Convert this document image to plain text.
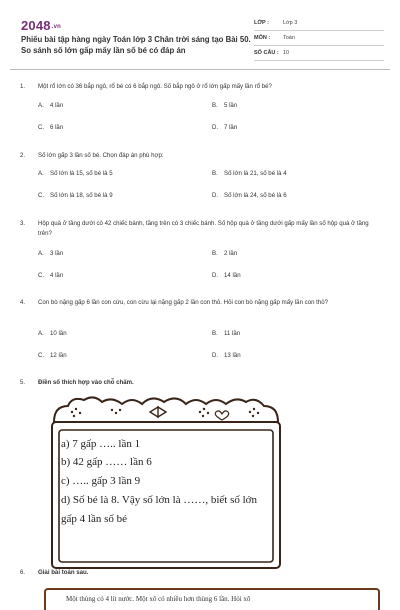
2048.vn
Phiếu bài tập hàng ngày Toán lớp 3 Chân trời sáng tạo Bài 50. So sánh số lớn gấp mấy lần số bé có đáp án
LỚP :	Lớp 3
MÔN : Toán
SỐ CÂU : 10
1. Một rổ lớn có 36 bắp ngô, rổ bé có 6 bắp ngô. Số bắp ngô ở rổ lớn gấp mấy lần rổ bé?
A. 4 lần	B. 5 lần
C. 6 lần	D. 7 lần
2. Số lớn gấp 3 lần số bé. Chọn đáp án phù hợp:
A. Số lớn là 15, số bé là 5	B. Số lớn là 21, số bé là 4
C. Số lớn là 18, số bé là 9	D. Số lớn là 24, số bé là 6
3. Hộp quà ở tầng dưới có 42 chiếc bánh, tầng trên có 3 chiếc bánh. Số hộp quà ở tầng dưới gấp mấy lần số hộp quà ở tầng trên?
A. 3 lần	B. 2 lần
C. 4 lần	D. 14 lần
4. Con bò nặng gấp 6 lần con cừu, con cừu lại nặng gấp 2 lần con thỏ. Hỏi con bò nặng gấp mấy lần con thỏ?
A. 10 lần	B. 11 lần
C. 12 lần	D. 13 lần
5. Điền số thích hợp vào chỗ chấm.
a) 7 gấp ….. lần 1
b) 42 gấp …… lần 6
c) ….. gấp 3 lần 9
d) Số bé là 8. Vậy số lớn là ……, biết số lớn
gấp 4 lần số bé
6. Giải bài toán sau.
Một thùng có 4 lít nước. Một xô có nhiều hơn thùng 6 lần. Hỏi xô
